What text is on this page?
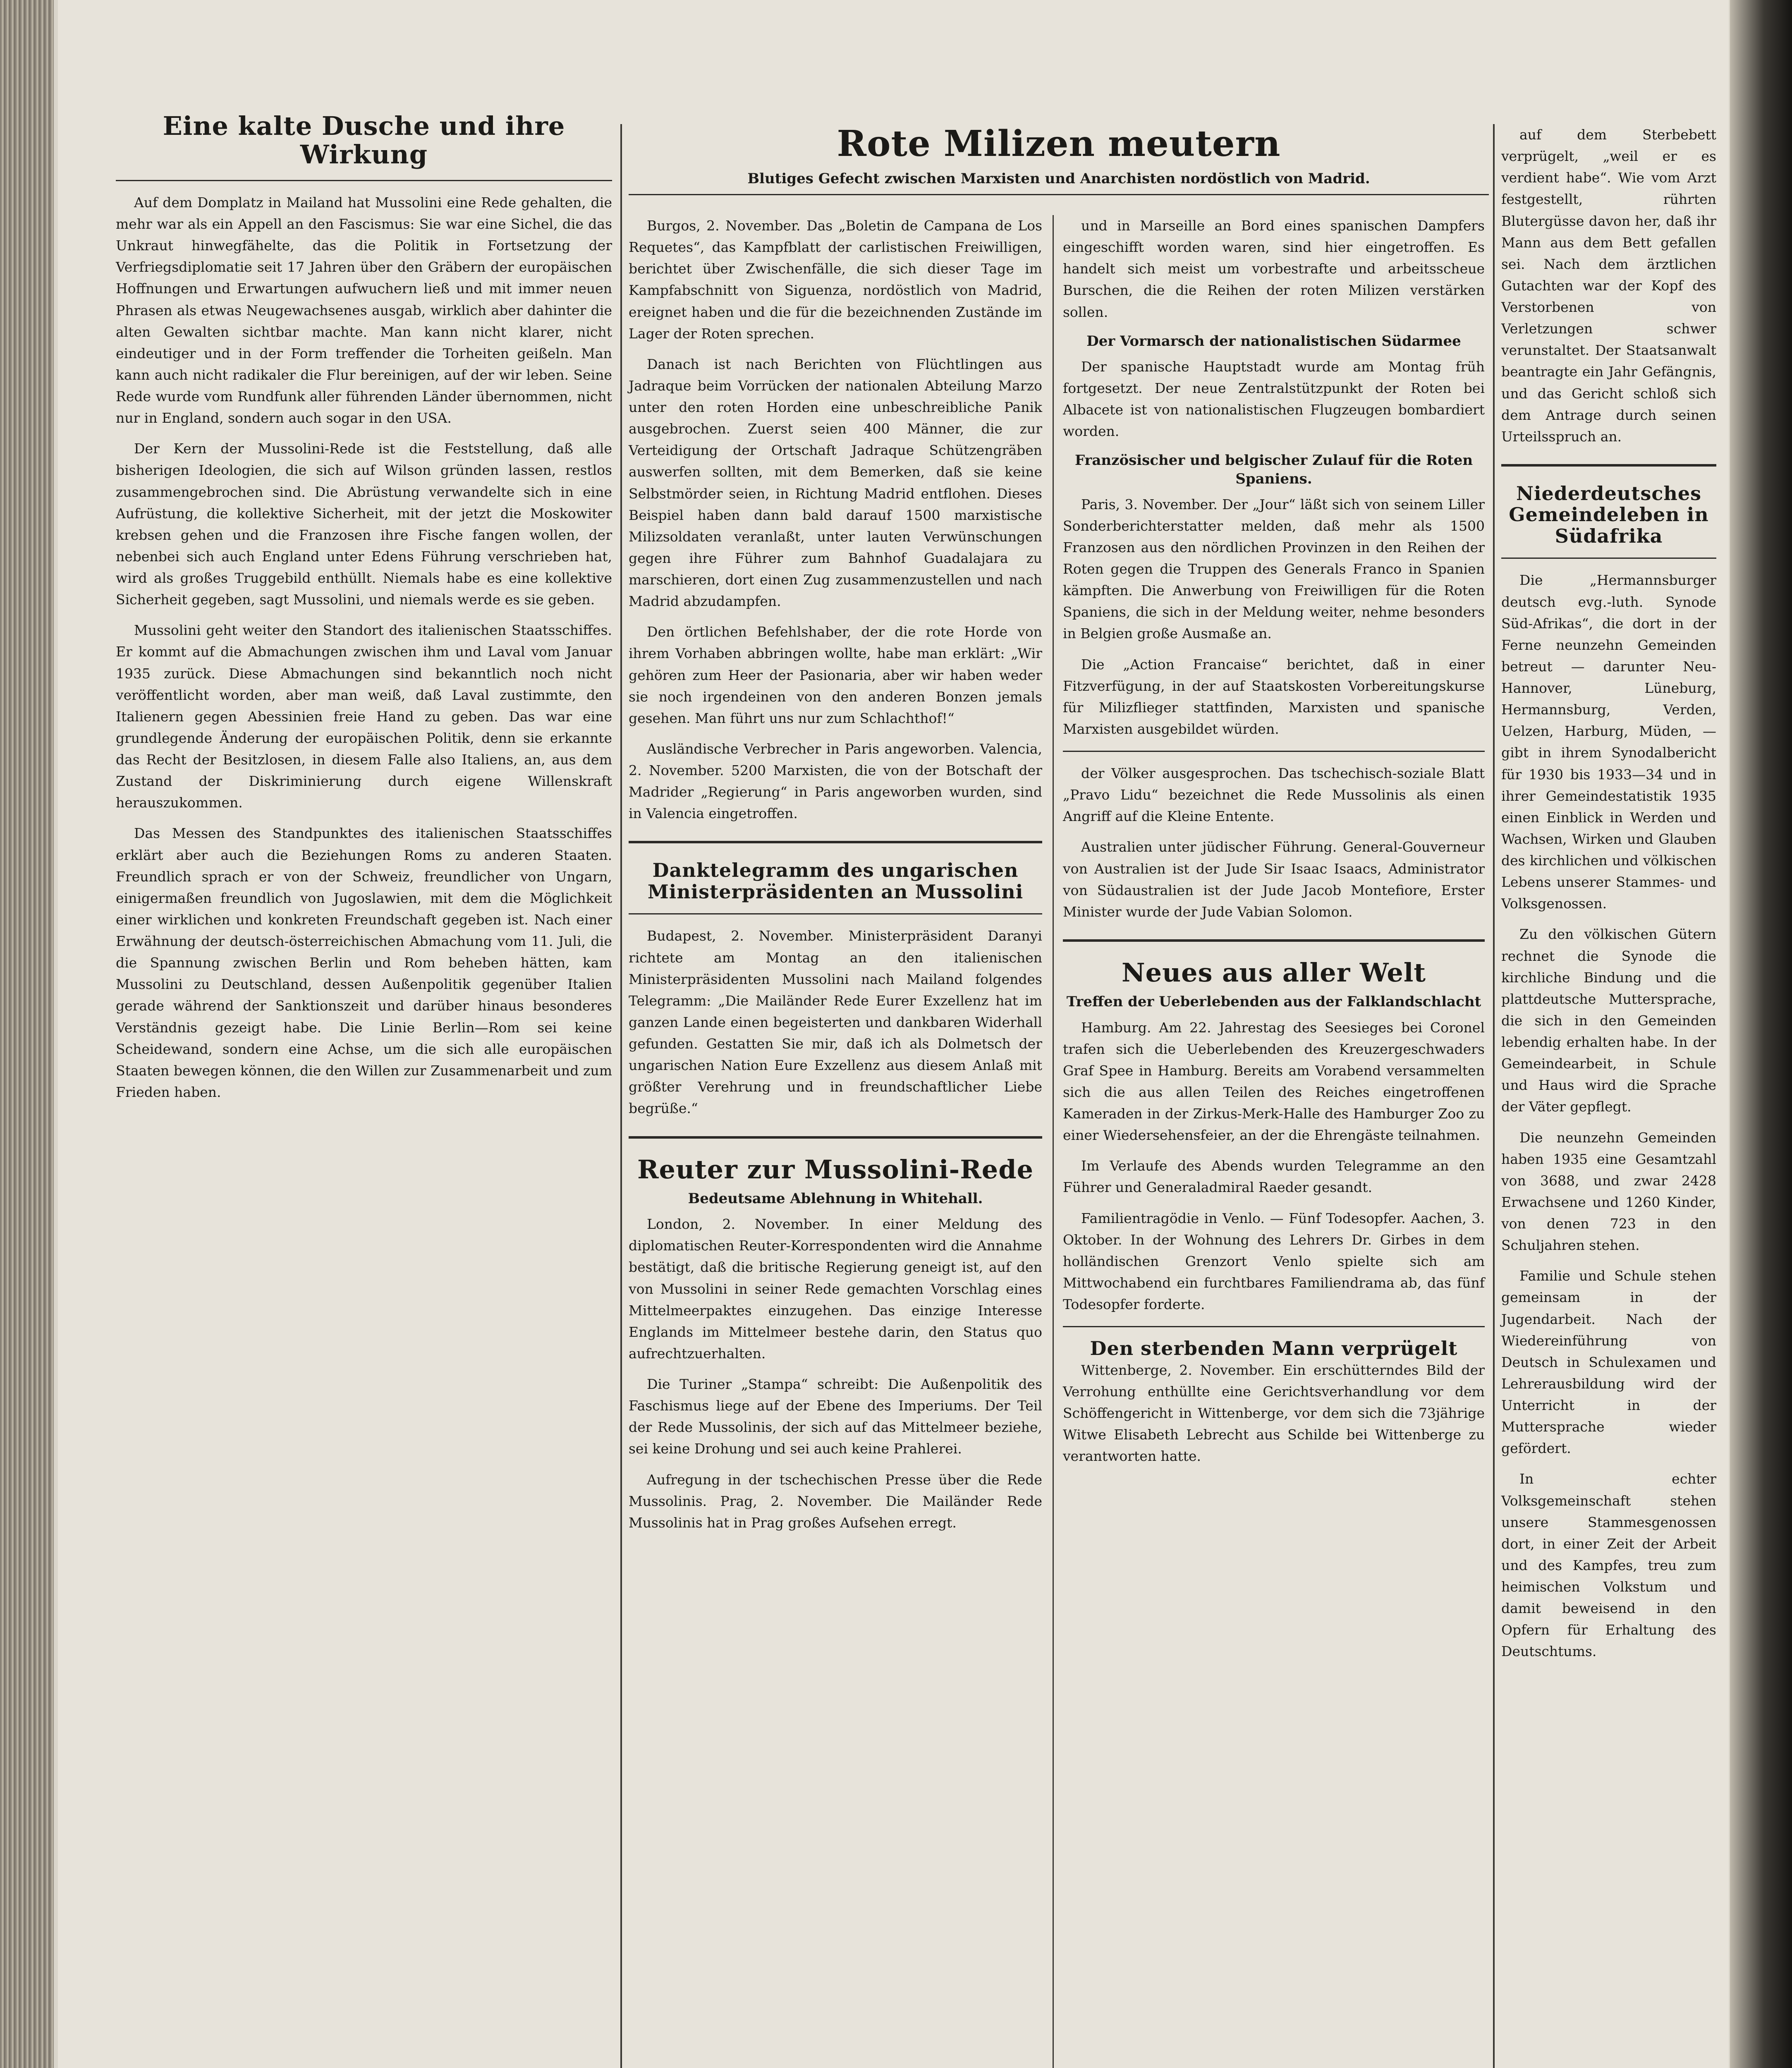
Eine kalte Dusche und ihre Wirkung

Auf dem Domplatz in Mailand hat Mussolini eine Rede gehalten, die mehr war als ein Appell an den Fascismus: Sie war eine Sichel, die das Unkraut hinwegfähelte, das die Politik in Fortsetzung der Verfriegsdiplomatie seit 17 Jahren über den Gräbern der europäischen Hoffnungen und Erwartungen aufwuchern ließ und mit immer neuen Phrasen als etwas Neugewachsenes ausgab, wirklich aber dahinter die alten Gewalten sichtbar machte. Man kann nicht klarer, nicht eindeutiger und in der Form treffender die Torheiten geißeln. Man kann auch nicht radikaler die Flur bereinigen, auf der wir leben. Seine Rede wurde vom Rundfunk aller führenden Länder übernommen, nicht nur in England, sondern auch sogar in den USA.

Der Kern der Mussolini-Rede ist die Feststellung, daß alle bisherigen Ideologien, die sich auf Wilson gründen lassen, restlos zusammengebrochen sind. Die Abrüstung verwandelte sich in eine Aufrüstung, die kollektive Sicherheit, mit der jetzt die Moskowiter krebsen gehen und die Franzosen ihre Fische fangen wollen, der nebenbei sich auch England unter Edens Führung verschrieben hat, wird als großes Truggebild enthüllt. Niemals habe es eine kollektive Sicherheit gegeben, sagt Mussolini, und niemals werde es sie geben.

Mussolini geht weiter den Standort des italienischen Staatsschiffes. Er kommt auf die Abmachungen zwischen ihm und Laval vom Januar 1935 zurück. Diese Abmachungen sind bekanntlich noch nicht veröffentlicht worden, aber man weiß, daß Laval zustimmte, den Italienern gegen Abessinien freie Hand zu geben. Das war eine grundlegende Änderung der europäischen Politik, denn sie erkannte das Recht der Besitzlosen, in diesem Falle also Italiens, an, aus dem Zustand der Diskriminierung durch eigene Willenskraft herauszukommen.

Das Messen des Standpunktes des italienischen Staatsschiffes erklärt aber auch die Beziehungen Roms zu anderen Staaten. Freundlich sprach er von der Schweiz, freundlicher von Ungarn, einigermaßen freundlich von Jugoslawien, mit dem die Möglichkeit einer wirklichen und konkreten Freundschaft gegeben ist. Nach einer Erwähnung der deutsch-österreichischen Abmachung vom 11. Juli, die die Spannung zwischen Berlin und Rom beheben hätten, kam Mussolini zu Deutschland, dessen Außenpolitik gegenüber Italien gerade während der Sanktionszeit und darüber hinaus besonderes Verständnis gezeigt habe. Die Linie Berlin—Rom sei keine Scheidewand, sondern eine Achse, um die sich alle europäischen Staaten bewegen können, die den Willen zur Zusammenarbeit und zum Frieden haben.

Rote Milizen meutern
Blutiges Gefecht zwischen Marxisten und Anarchisten nordöstlich von Madrid.

Burgos, 2. November. Das „Boletin de Campana de Los Requetes“, das Kampfblatt der carlistischen Freiwilligen, berichtet über Zwischenfälle, die sich dieser Tage im Kampfabschnitt von Siguenza, nordöstlich von Madrid, ereignet haben und die für die bezeichnenden Zustände im Lager der Roten sprechen.

Danach ist nach Berichten von Flüchtlingen aus Jadraque beim Vorrücken der nationalen Abteilung Marzo unter den roten Horden eine unbeschreibliche Panik ausgebrochen. Zuerst seien 400 Männer, die zur Verteidigung der Ortschaft Jadraque Schützengräben auswerfen sollten, mit dem Bemerken, daß sie keine Selbstmörder seien, in Richtung Madrid entflohen. Dieses Beispiel haben dann bald darauf 1500 marxistische Milizsoldaten veranlaßt, unter lauten Verwünschungen gegen ihre Führer zum Bahnhof Guadalajara zu marschieren, dort einen Zug zusammenzustellen und nach Madrid abzudampfen.

Den örtlichen Befehlshaber, der die rote Horde von ihrem Vorhaben abbringen wollte, habe man erklärt: „Wir gehören zum Heer der Pasionaria, aber wir haben weder sie noch irgendeinen von den anderen Bonzen jemals gesehen. Man führt uns nur zum Schlachthof!“

Ausländische Verbrecher in Paris angeworben. Valencia, 2. November. 5200 Marxisten, die von der Botschaft der Madrider „Regierung“ in Paris angeworben wurden, sind in Valencia eingetroffen.

Danktelegramm des ungarischen Ministerpräsidenten an Mussolini

Budapest, 2. November. Ministerpräsident Daranyi richtete am Montag an den italienischen Ministerpräsidenten Mussolini nach Mailand folgendes Telegramm: „Die Mailänder Rede Eurer Exzellenz hat im ganzen Lande einen begeisterten und dankbaren Widerhall gefunden. Gestatten Sie mir, daß ich als Dolmetsch der ungarischen Nation Eure Exzellenz aus diesem Anlaß mit größter Verehrung und in freundschaftlicher Liebe begrüße.“

Reuter zur Mussolini-Rede
Bedeutsame Ablehnung in Whitehall.

London, 2. November. In einer Meldung des diplomatischen Reuter-Korrespondenten wird die Annahme bestätigt, daß die britische Regierung geneigt ist, auf den von Mussolini in seiner Rede gemachten Vorschlag eines Mittelmeerpaktes einzugehen. Das einzige Interesse Englands im Mittelmeer bestehe darin, den Status quo aufrechtzuerhalten.

Die Turiner „Stampa“ schreibt: Die Außenpolitik des Faschismus liege auf der Ebene des Imperiums. Der Teil der Rede Mussolinis, der sich auf das Mittelmeer beziehe, sei keine Drohung und sei auch keine Prahlerei.

Aufregung in der tschechischen Presse über die Rede Mussolinis. Prag, 2. November. Die Mailänder Rede Mussolinis hat in Prag großes Aufsehen erregt.

und in Marseille an Bord eines spanischen Dampfers eingeschifft worden waren, sind hier eingetroffen. Es handelt sich meist um vorbestrafte und arbeitsscheue Burschen, die die Reihen der roten Milizen verstärken sollen.

Der Vormarsch der nationalistischen Südarmee

Der spanische Hauptstadt wurde am Montag früh fortgesetzt. Der neue Zentralstützpunkt der Roten bei Albacete ist von nationalistischen Flugzeugen bombardiert worden.

Französischer und belgischer Zulauf für die Roten Spaniens.

Paris, 3. November. Der „Jour“ läßt sich von seinem Liller Sonderberichterstatter melden, daß mehr als 1500 Franzosen aus den nördlichen Provinzen in den Reihen der Roten gegen die Truppen des Generals Franco in Spanien kämpften. Die Anwerbung von Freiwilligen für die Roten Spaniens, die sich in der Meldung weiter, nehme besonders in Belgien große Ausmaße an.

Die „Action Francaise“ berichtet, daß in einer Fitzverfügung, in der auf Staatskosten Vorbereitungskurse für Milizflieger stattfinden, Marxisten und spanische Marxisten ausgebildet würden.

der Völker ausgesprochen. Das tschechisch-soziale Blatt „Pravo Lidu“ bezeichnet die Rede Mussolinis als einen Angriff auf die Kleine Entente.

Australien unter jüdischer Führung. General-Gouverneur von Australien ist der Jude Sir Isaac Isaacs, Administrator von Südaustralien ist der Jude Jacob Montefiore, Erster Minister wurde der Jude Vabian Solomon.

Neues aus aller Welt
Treffen der Ueberlebenden aus der Falklandschlacht

Hamburg. Am 22. Jahrestag des Seesieges bei Coronel trafen sich die Ueberlebenden des Kreuzergeschwaders Graf Spee in Hamburg. Bereits am Vorabend versammelten sich die aus allen Teilen des Reiches eingetroffenen Kameraden in der Zirkus-Merk-Halle des Hamburger Zoo zu einer Wiedersehensfeier, an der die Ehrengäste teilnahmen.

Im Verlaufe des Abends wurden Telegramme an den Führer und Generaladmiral Raeder gesandt.

Familientragödie in Venlo. — Fünf Todesopfer. Aachen, 3. Oktober. In der Wohnung des Lehrers Dr. Girbes in dem holländischen Grenzort Venlo spielte sich am Mittwochabend ein furchtbares Familiendrama ab, das fünf Todesopfer forderte.

Den sterbenden Mann verprügelt

Wittenberge, 2. November. Ein erschütterndes Bild der Verrohung enthüllte eine Gerichtsverhandlung vor dem Schöffengericht in Wittenberge, vor dem sich die 73jährige Witwe Elisabeth Lebrecht aus Schilde bei Wittenberge zu verantworten hatte.

auf dem Sterbebett verprügelt, „weil er es verdient habe“. Wie vom Arzt festgestellt, rührten Blutergüsse davon her, daß ihr Mann aus dem Bett gefallen sei. Nach dem ärztlichen Gutachten war der Kopf des Verstorbenen von Verletzungen schwer verunstaltet. Der Staatsanwalt beantragte ein Jahr Gefängnis, und das Gericht schloß sich dem Antrage durch seinen Urteilsspruch an.

Niederdeutsches Gemeindeleben in Südafrika

Die „Hermannsburger deutsch evg.-luth. Synode Süd-Afrikas“, die dort in der Ferne neunzehn Gemeinden betreut — darunter Neu-Hannover, Lüneburg, Hermannsburg, Verden, Uelzen, Harburg, Müden, — gibt in ihrem Synodalbericht für 1930 bis 1933—34 und in ihrer Gemeindestatistik 1935 einen Einblick in Werden und Wachsen, Wirken und Glauben des kirchlichen und völkischen Lebens unserer Stammes- und Volksgenossen.

Zu den völkischen Gütern rechnet die Synode die kirchliche Bindung und die plattdeutsche Muttersprache, die sich in den Gemeinden lebendig erhalten habe. In der Gemeindearbeit, in Schule und Haus wird die Sprache der Väter gepflegt.

Die neunzehn Gemeinden haben 1935 eine Gesamtzahl von 3688, und zwar 2428 Erwachsene und 1260 Kinder, von denen 723 in den Schuljahren stehen.

Familie und Schule stehen gemeinsam in der Jugendarbeit. Nach der Wiedereinführung von Deutsch in Schulexamen und Lehrerausbildung wird der Unterricht in der Muttersprache wieder gefördert.

In echter Volksgemeinschaft stehen unsere Stammesgenossen dort, in einer Zeit der Arbeit und des Kampfes, treu zum heimischen Volkstum und damit beweisend in den Opfern für Erhaltung des Deutschtums.
